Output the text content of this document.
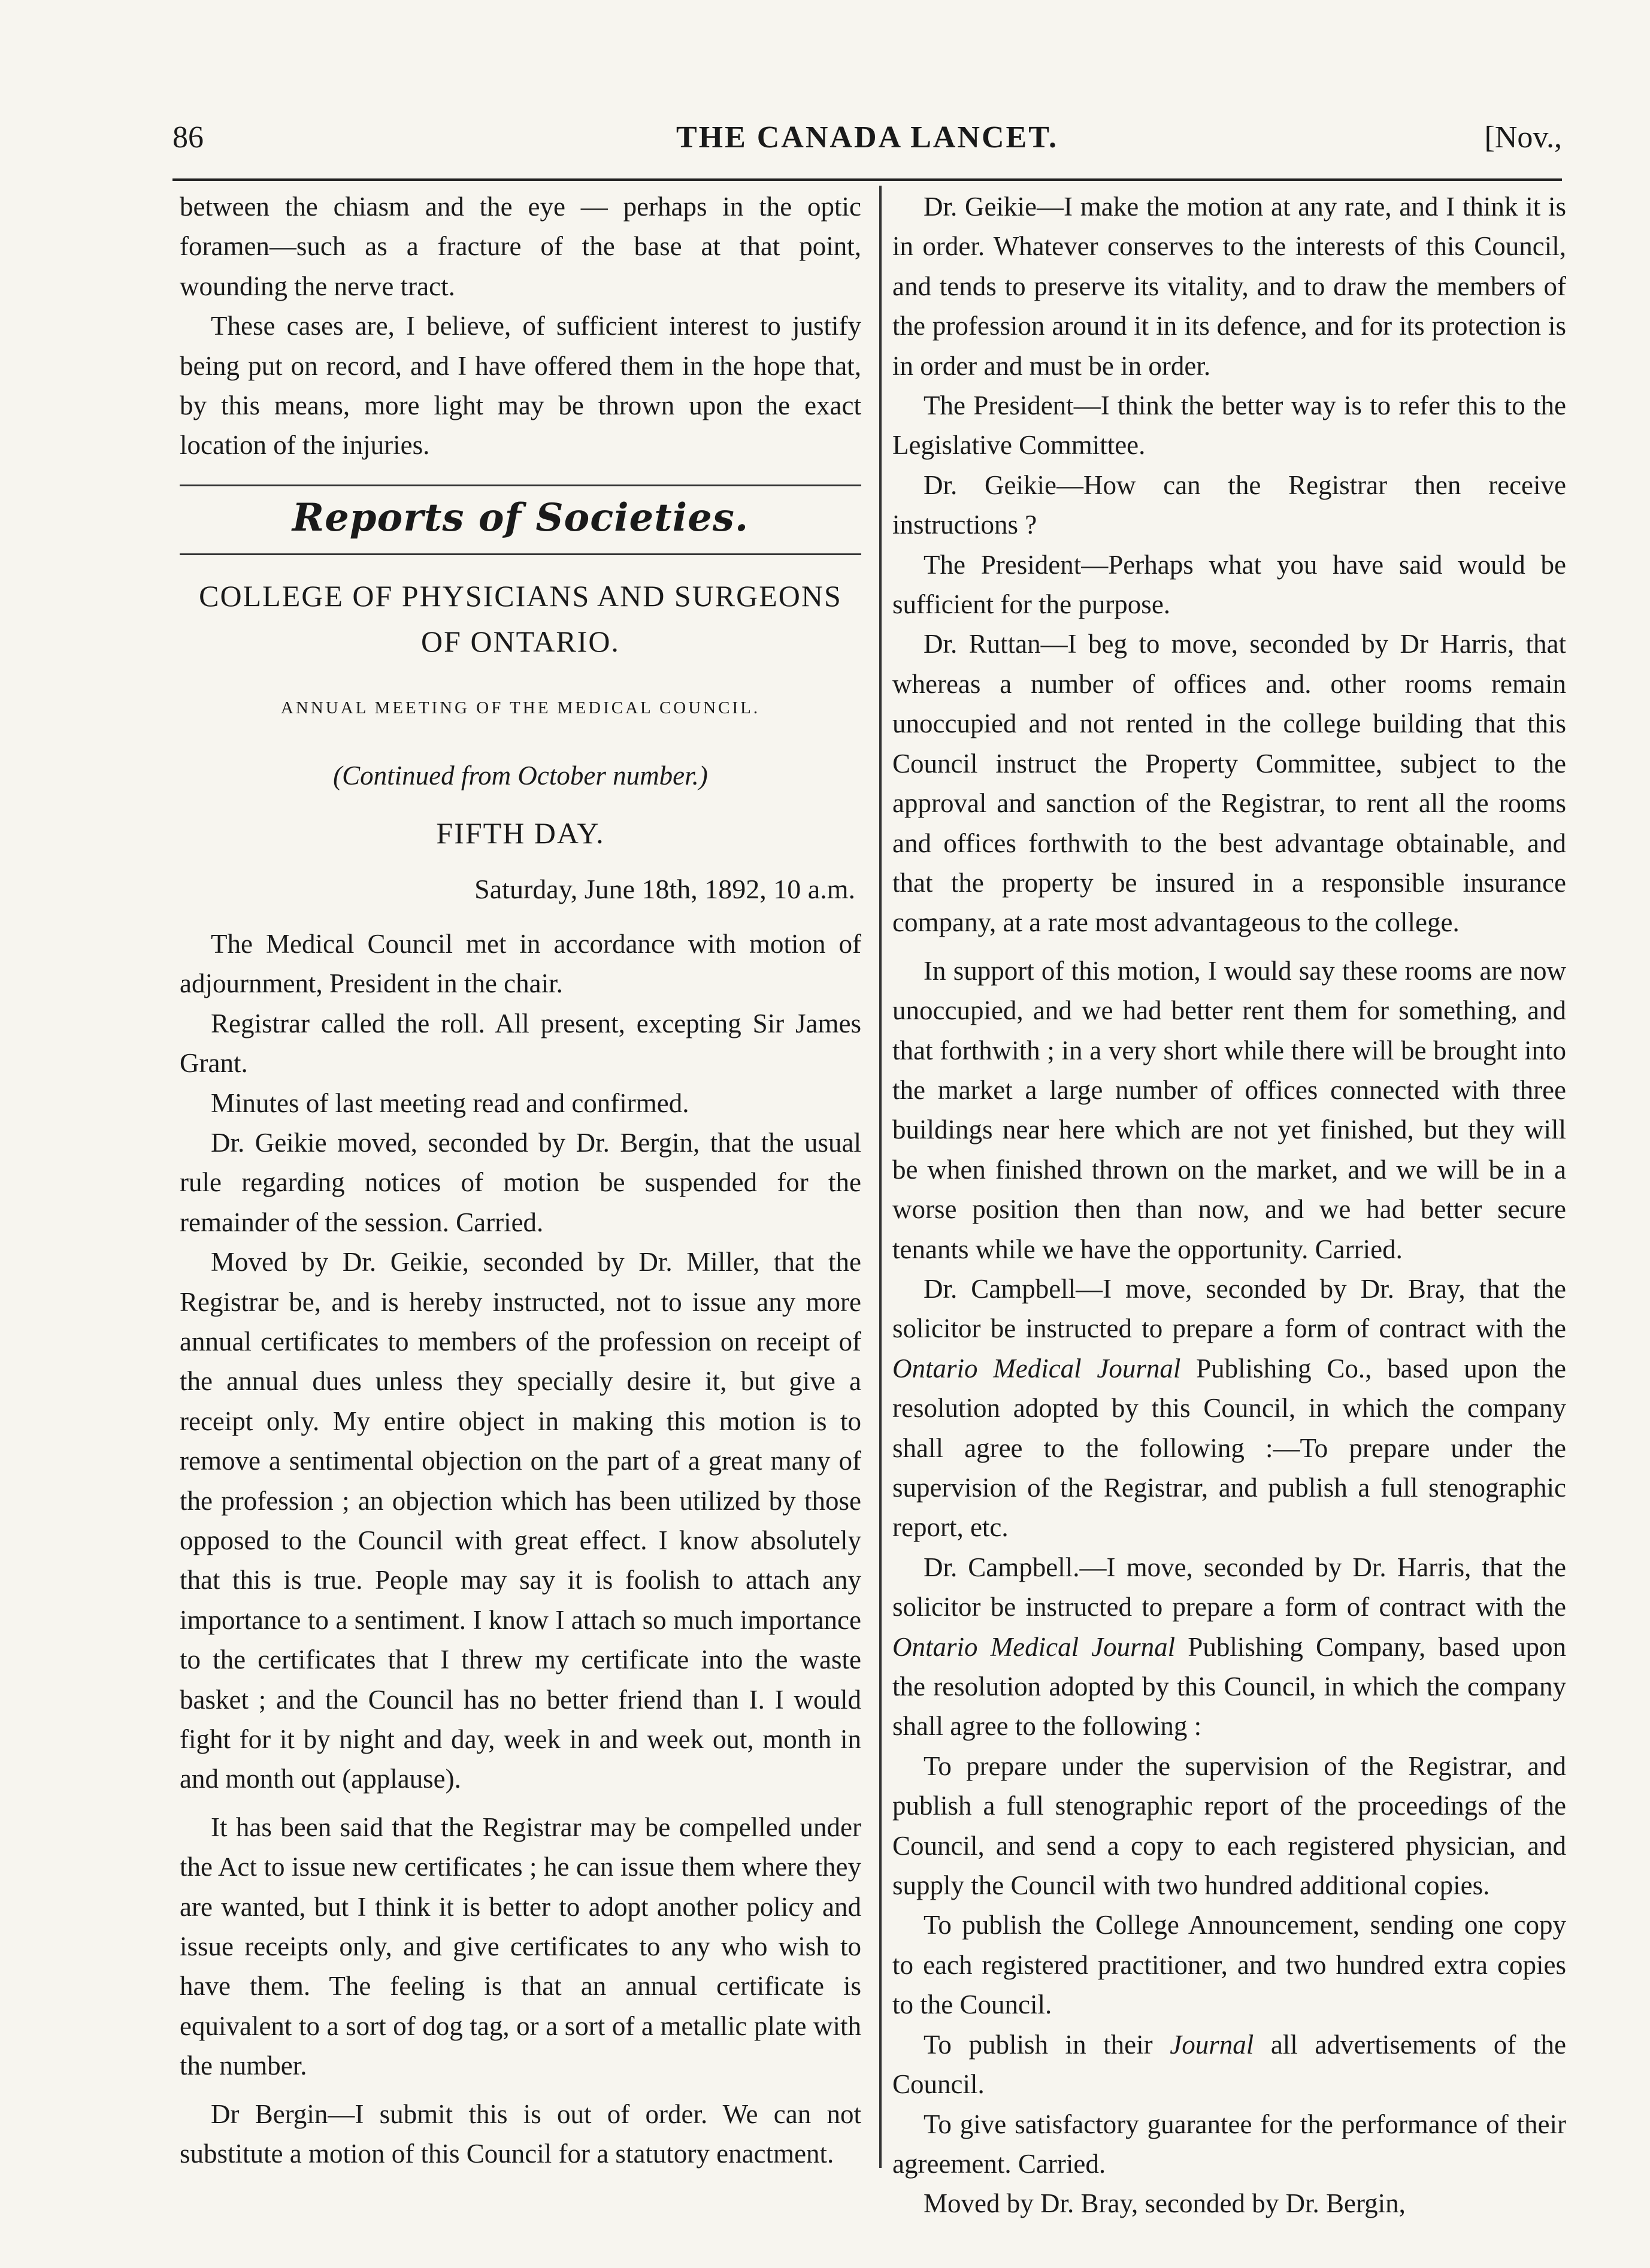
86	THE CANADA LANCET.	[Nov.,

between the chiasm and the eye — perhaps in the optic foramen—such as a fracture of the base at that point, wounding the nerve tract.

These cases are, I believe, of sufficient interest to justify being put on record, and I have offered them in the hope that, by this means, more light may be thrown upon the exact location of the injuries.

Reports of Societies.
COLLEGE OF PHYSICIANS AND SURGEONS OF ONTARIO.
ANNUAL MEETING OF THE MEDICAL COUNCIL.
(Continued from October number.)
FIFTH DAY.
Saturday, June 18th, 1892, 10 a.m.

The Medical Council met in accordance with motion of adjournment, President in the chair.

Registrar called the roll. All present, excepting Sir James Grant.

Minutes of last meeting read and confirmed.

Dr. Geikie moved, seconded by Dr. Bergin, that the usual rule regarding notices of motion be suspended for the remainder of the session. Carried.

Moved by Dr. Geikie, seconded by Dr. Miller, that the Registrar be, and is hereby instructed, not to issue any more annual certificates to members of the profession on receipt of the annual dues unless they specially desire it, but give a receipt only. My entire object in making this motion is to remove a sentimental objection on the part of a great many of the profession ; an objection which has been utilized by those opposed to the Council with great effect. I know absolutely that this is true. People may say it is foolish to attach any importance to a sentiment. I know I attach so much importance to the certificates that I threw my certificate into the waste basket ; and the Council has no better friend than I. I would fight for it by night and day, week in and week out, month in and month out (applause).

It has been said that the Registrar may be compelled under the Act to issue new certificates ; he can issue them where they are wanted, but I think it is better to adopt another policy and issue receipts only, and give certificates to any who wish to have them. The feeling is that an annual certificate is equivalent to a sort of dog tag, or a sort of a metallic plate with the number.

Dr Bergin—I submit this is out of order. We can not substitute a motion of this Council for a statutory enactment.

Dr. Geikie—I make the motion at any rate, and I think it is in order. Whatever conserves to the interests of this Council, and tends to preserve its vitality, and to draw the members of the profession around it in its defence, and for its protection is in order and must be in order.

The President—I think the better way is to refer this to the Legislative Committee.

Dr. Geikie—How can the Registrar then receive instructions ?

The President—Perhaps what you have said would be sufficient for the purpose.

Dr. Ruttan—I beg to move, seconded by Dr Harris, that whereas a number of offices and. other rooms remain unoccupied and not rented in the college building that this Council instruct the Property Committee, subject to the approval and sanction of the Registrar, to rent all the rooms and offices forthwith to the best advantage obtainable, and that the property be insured in a responsible insurance company, at a rate most advantageous to the college.

In support of this motion, I would say these rooms are now unoccupied, and we had better rent them for something, and that forthwith ; in a very short while there will be brought into the market a large number of offices connected with three buildings near here which are not yet finished, but they will be when finished thrown on the market, and we will be in a worse position then than now, and we had better secure tenants while we have the opportunity. Carried.

Dr. Campbell—I move, seconded by Dr. Bray, that the solicitor be instructed to prepare a form of contract with the Ontario Medical Journal Publishing Co., based upon the resolution adopted by this Council, in which the company shall agree to the following :—To prepare under the supervision of the Registrar, and publish a full stenographic report, etc.

Dr. Campbell.—I move, seconded by Dr. Harris, that the solicitor be instructed to prepare a form of contract with the Ontario Medical Journal Publishing Company, based upon the resolution adopted by this Council, in which the company shall agree to the following :

To prepare under the supervision of the Registrar, and publish a full stenographic report of the proceedings of the Council, and send a copy to each registered physician, and supply the Council with two hundred additional copies.

To publish the College Announcement, sending one copy to each registered practitioner, and two hundred extra copies to the Council.

To publish in their Journal all advertisements of the Council.

To give satisfactory guarantee for the performance of their agreement. Carried.

Moved by Dr. Bray, seconded by Dr. Bergin,
